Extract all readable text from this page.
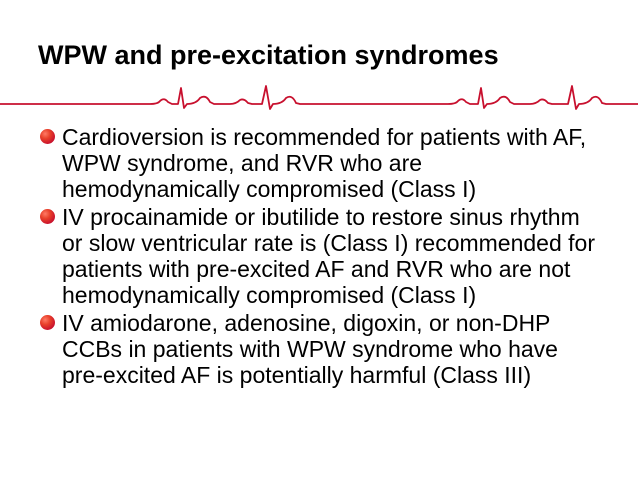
WPW and pre-excitation syndromes
Cardioversion is recommended for patients with AF, WPW syndrome, and RVR who are hemodynamically compromised (Class I)
IV procainamide or ibutilide to restore sinus rhythm or slow ventricular rate is (Class I) recommended for patients with pre-excited AF and RVR who are not hemodynamically compromised (Class I)
IV amiodarone, adenosine, digoxin, or non-DHP CCBs in patients with WPW syndrome who have pre-excited AF is potentially harmful (Class III)
